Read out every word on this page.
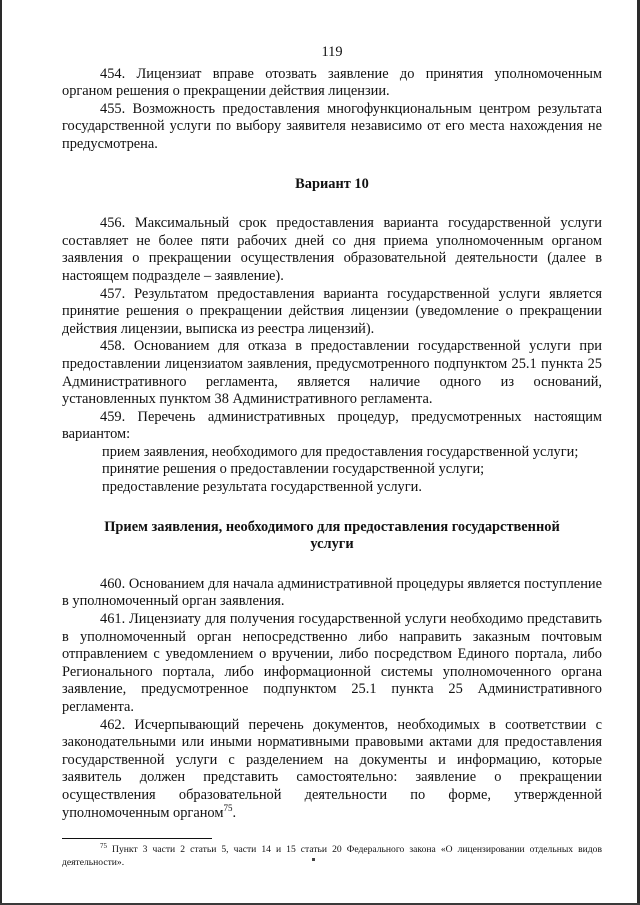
119

454. Лицензиат вправе отозвать заявление до принятия уполномоченным органом решения о прекращении действия лицензии.

455. Возможность предоставления многофункциональным центром результата государственной услуги по выбору заявителя независимо от его места нахождения не предусмотрена.

Вариант 10

456. Максимальный срок предоставления варианта государственной услуги составляет не более пяти рабочих дней со дня приема уполномоченным органом заявления о прекращении осуществления образовательной деятельности (далее в настоящем подразделе – заявление).

457. Результатом предоставления варианта государственной услуги является принятие решения о прекращении действия лицензии (уведомление о прекращении действия лицензии, выписка из реестра лицензий).

458. Основанием для отказа в предоставлении государственной услуги при предоставлении лицензиатом заявления, предусмотренного подпунктом 25.1 пункта 25 Административного регламента, является наличие одного из оснований, установленных пунктом 38 Административного регламента.

459. Перечень административных процедур, предусмотренных настоящим вариантом:

прием заявления, необходимого для предоставления государственной услуги;

принятие решения о предоставлении государственной услуги;

предоставление результата государственной услуги.

Прием заявления, необходимого для предоставления государственной услуги

460. Основанием для начала административной процедуры является поступление в уполномоченный орган заявления.

461. Лицензиату для получения государственной услуги необходимо представить в уполномоченный орган непосредственно либо направить заказным почтовым отправлением с уведомлением о вручении, либо посредством Единого портала, либо Регионального портала, либо информационной системы уполномоченного органа заявление, предусмотренное подпунктом 25.1 пункта 25 Административного регламента.

462. Исчерпывающий перечень документов, необходимых в соответствии с законодательными или иными нормативными правовыми актами для предоставления государственной услуги с разделением на документы и информацию, которые заявитель должен представить самостоятельно: заявление о прекращении осуществления образовательной деятельности по форме, утвержденной уполномоченным органом$^{75}$.

$^{75}$ Пункт 3 части 2 статьи 5, части 14 и 15 статьи 20 Федерального закона «О лицензировании отдельных видов деятельности».
